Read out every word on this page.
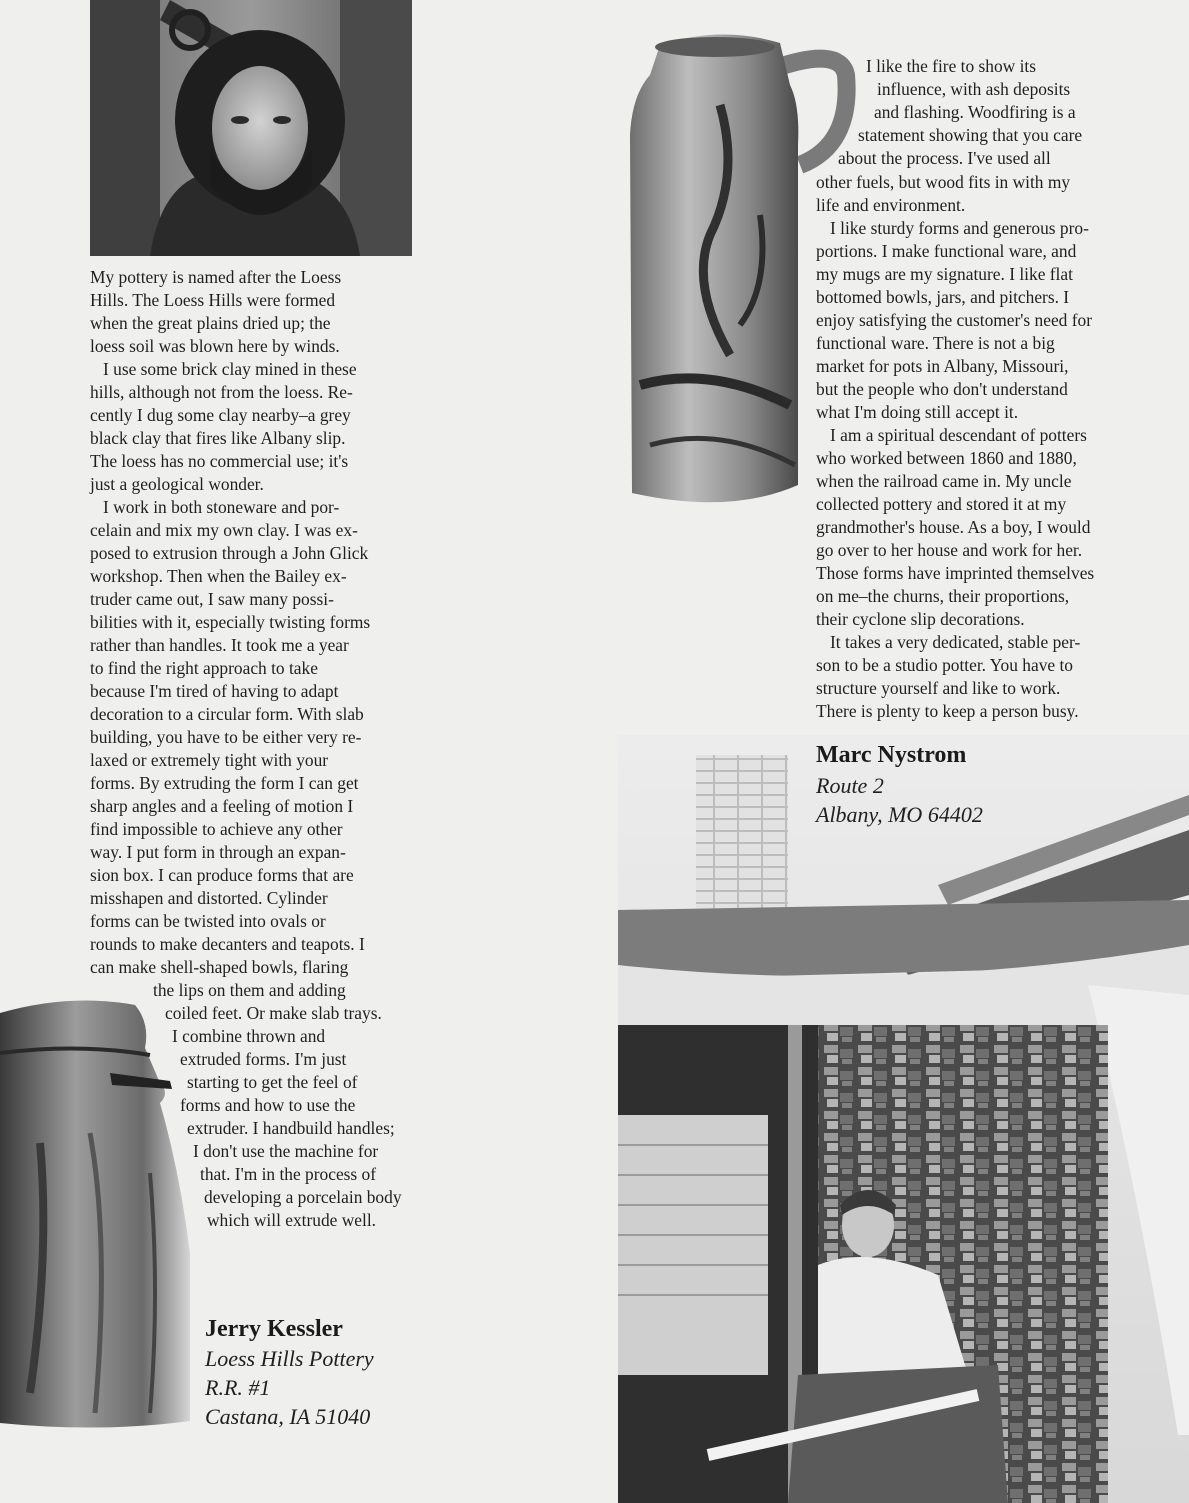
My pottery is named after the Loess
Hills. The Loess Hills were formed
when the great plains dried up; the
loess soil was blown here by winds.
I use some brick clay mined in these
hills, although not from the loess. Re-
cently I dug some clay nearby–a grey
black clay that fires like Albany slip.
The loess has no commercial use; it's
just a geological wonder.
I work in both stoneware and por-
celain and mix my own clay. I was ex-
posed to extrusion through a John Glick
workshop. Then when the Bailey ex-
truder came out, I saw many possi-
bilities with it, especially twisting forms
rather than handles. It took me a year
to find the right approach to take
because I'm tired of having to adapt
decoration to a circular form. With slab
building, you have to be either very re-
laxed or extremely tight with your
forms. By extruding the form I can get
sharp angles and a feeling of motion I
find impossible to achieve any other
way. I put form in through an expan-
sion box. I can produce forms that are
misshapen and distorted. Cylinder
forms can be twisted into ovals or
rounds to make decanters and teapots. I
can make shell-shaped bowls, flaring
the lips on them and adding
coiled feet. Or make slab trays.
I combine thrown and
extruded forms. I'm just
starting to get the feel of
forms and how to use the
extruder. I handbuild handles;
I don't use the machine for
that. I'm in the process of
developing a porcelain body
which will extrude well.
Jerry Kessler
Loess Hills Pottery
R.R. #1
Castana, IA 51040
I like the fire to show its
influence, with ash deposits
and flashing. Woodfiring is a
statement showing that you care
about the process. I've used all
other fuels, but wood fits in with my
life and environment.
I like sturdy forms and generous pro-
portions. I make functional ware, and
my mugs are my signature. I like flat
bottomed bowls, jars, and pitchers. I
enjoy satisfying the customer's need for
functional ware. There is not a big
market for pots in Albany, Missouri,
but the people who don't understand
what I'm doing still accept it.
I am a spiritual descendant of potters
who worked between 1860 and 1880,
when the railroad came in. My uncle
collected pottery and stored it at my
grandmother's house. As a boy, I would
go over to her house and work for her.
Those forms have imprinted themselves
on me–the churns, their proportions,
their cyclone slip decorations.
It takes a very dedicated, stable per-
son to be a studio potter. You have to
structure yourself and like to work.
There is plenty to keep a person busy.
Marc Nystrom
Route 2
Albany, MO 64402
